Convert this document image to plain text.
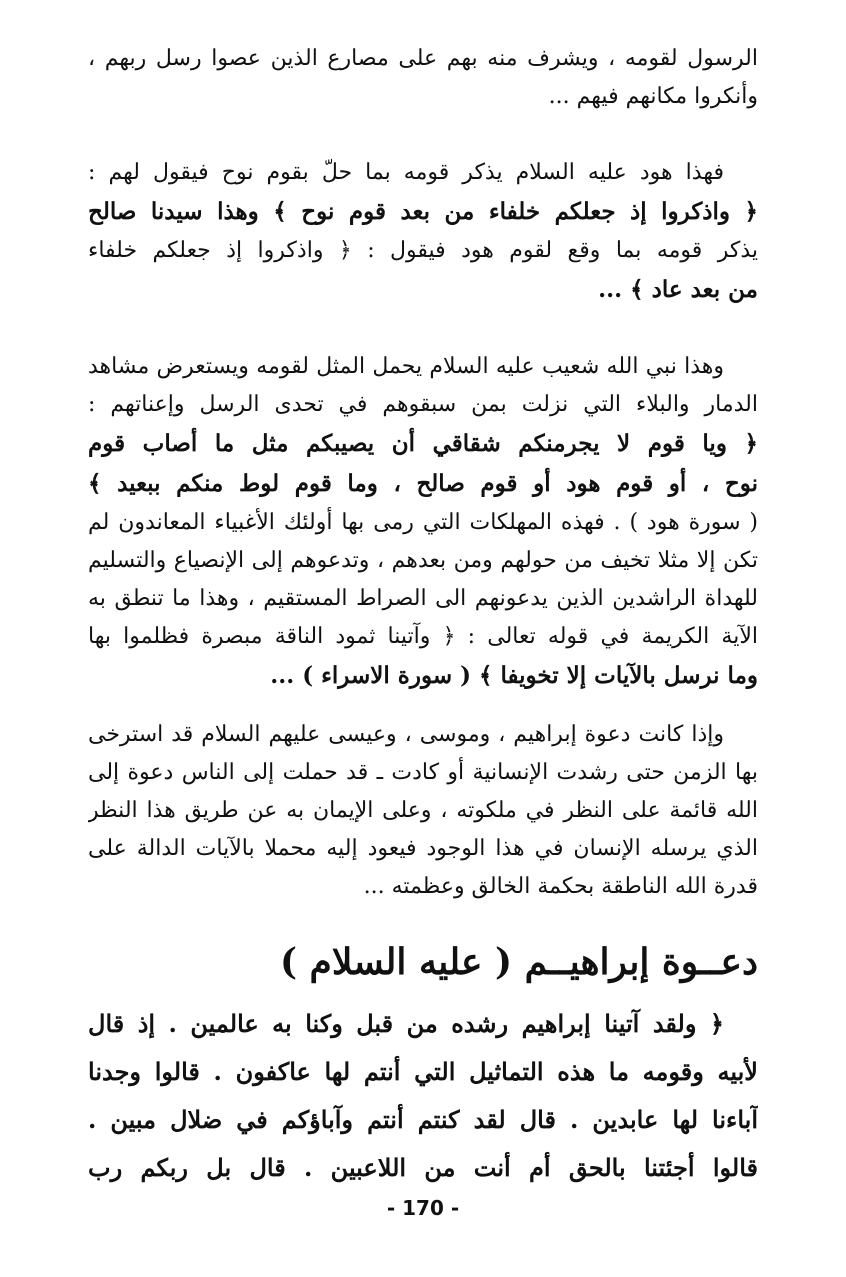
الرسول لقومه ، ويشرف منه بهم على مصارع الذين عصوا رسل ربهم ،
وأنكروا مكانهم فيهم ...
فهذا هود عليه السلام يذكر قومه بما حلّ بقوم نوح فيقول لهم :
﴿ واذكروا إذ جعلكم خلفاء من بعد قوم نوح ﴾ وهذا سيدنا صالح
يذكر قومه بما وقع لقوم هود فيقول : ﴿ واذكروا إذ جعلكم خلفاء
من بعد عاد ﴾ ...
وهذا نبي الله شعيب عليه السلام يحمل المثل لقومه ويستعرض مشاهد
الدمار والبلاء التي نزلت بمن سبقوهم في تحدى الرسل وإعناتهم :
﴿ ويا قوم لا يجرمنكم شقاقي أن يصيبكم مثل ما أصاب قوم
نوح ، أو قوم هود أو قوم صالح ، وما قوم لوط منكم ببعيد ﴾
( سورة هود ) . فهذه المهلكات التي رمى بها أولئك الأغبياء المعاندون لم
تكن إلا مثلا تخيف من حولهم ومن بعدهم ، وتدعوهم إلى الإنصياع والتسليم
للهداة الراشدين الذين يدعونهم الى الصراط المستقيم ، وهذا ما تنطق به
الآية الكريمة في قوله تعالى : ﴿ وآتينا ثمود الناقة مبصرة فظلموا بها
وما نرسل بالآيات إلا تخويفا ﴾ ( سورة الاسراء ) ...
وإذا كانت دعوة إبراهيم ، وموسى ، وعيسى عليهم السلام قد استرخى
بها الزمن حتى رشدت الإنسانية أو كادت ـ قد حملت إلى الناس دعوة إلى
الله قائمة على النظر في ملكوته ، وعلى الإيمان به عن طريق هذا النظر
الذي يرسله الإنسان في هذا الوجود فيعود إليه محملا بالآيات الدالة على
قدرة الله الناطقة بحكمة الخالق وعظمته ...
دعــوة إبراهيــم ( عليه السلام )
﴿ ولقد آتينا إبراهيم رشده من قبل وكنا به عالمين . إذ قال
لأبيه وقومه ما هذه التماثيل التي أنتم لها عاكفون . قالوا وجدنا
آباءنا لها عابدين . قال لقد كنتم أنتم وآباؤكم في ضلال مبين .
قالوا أجئتنا بالحق أم أنت من اللاعبين . قال بل ربكم رب
- 170 -
